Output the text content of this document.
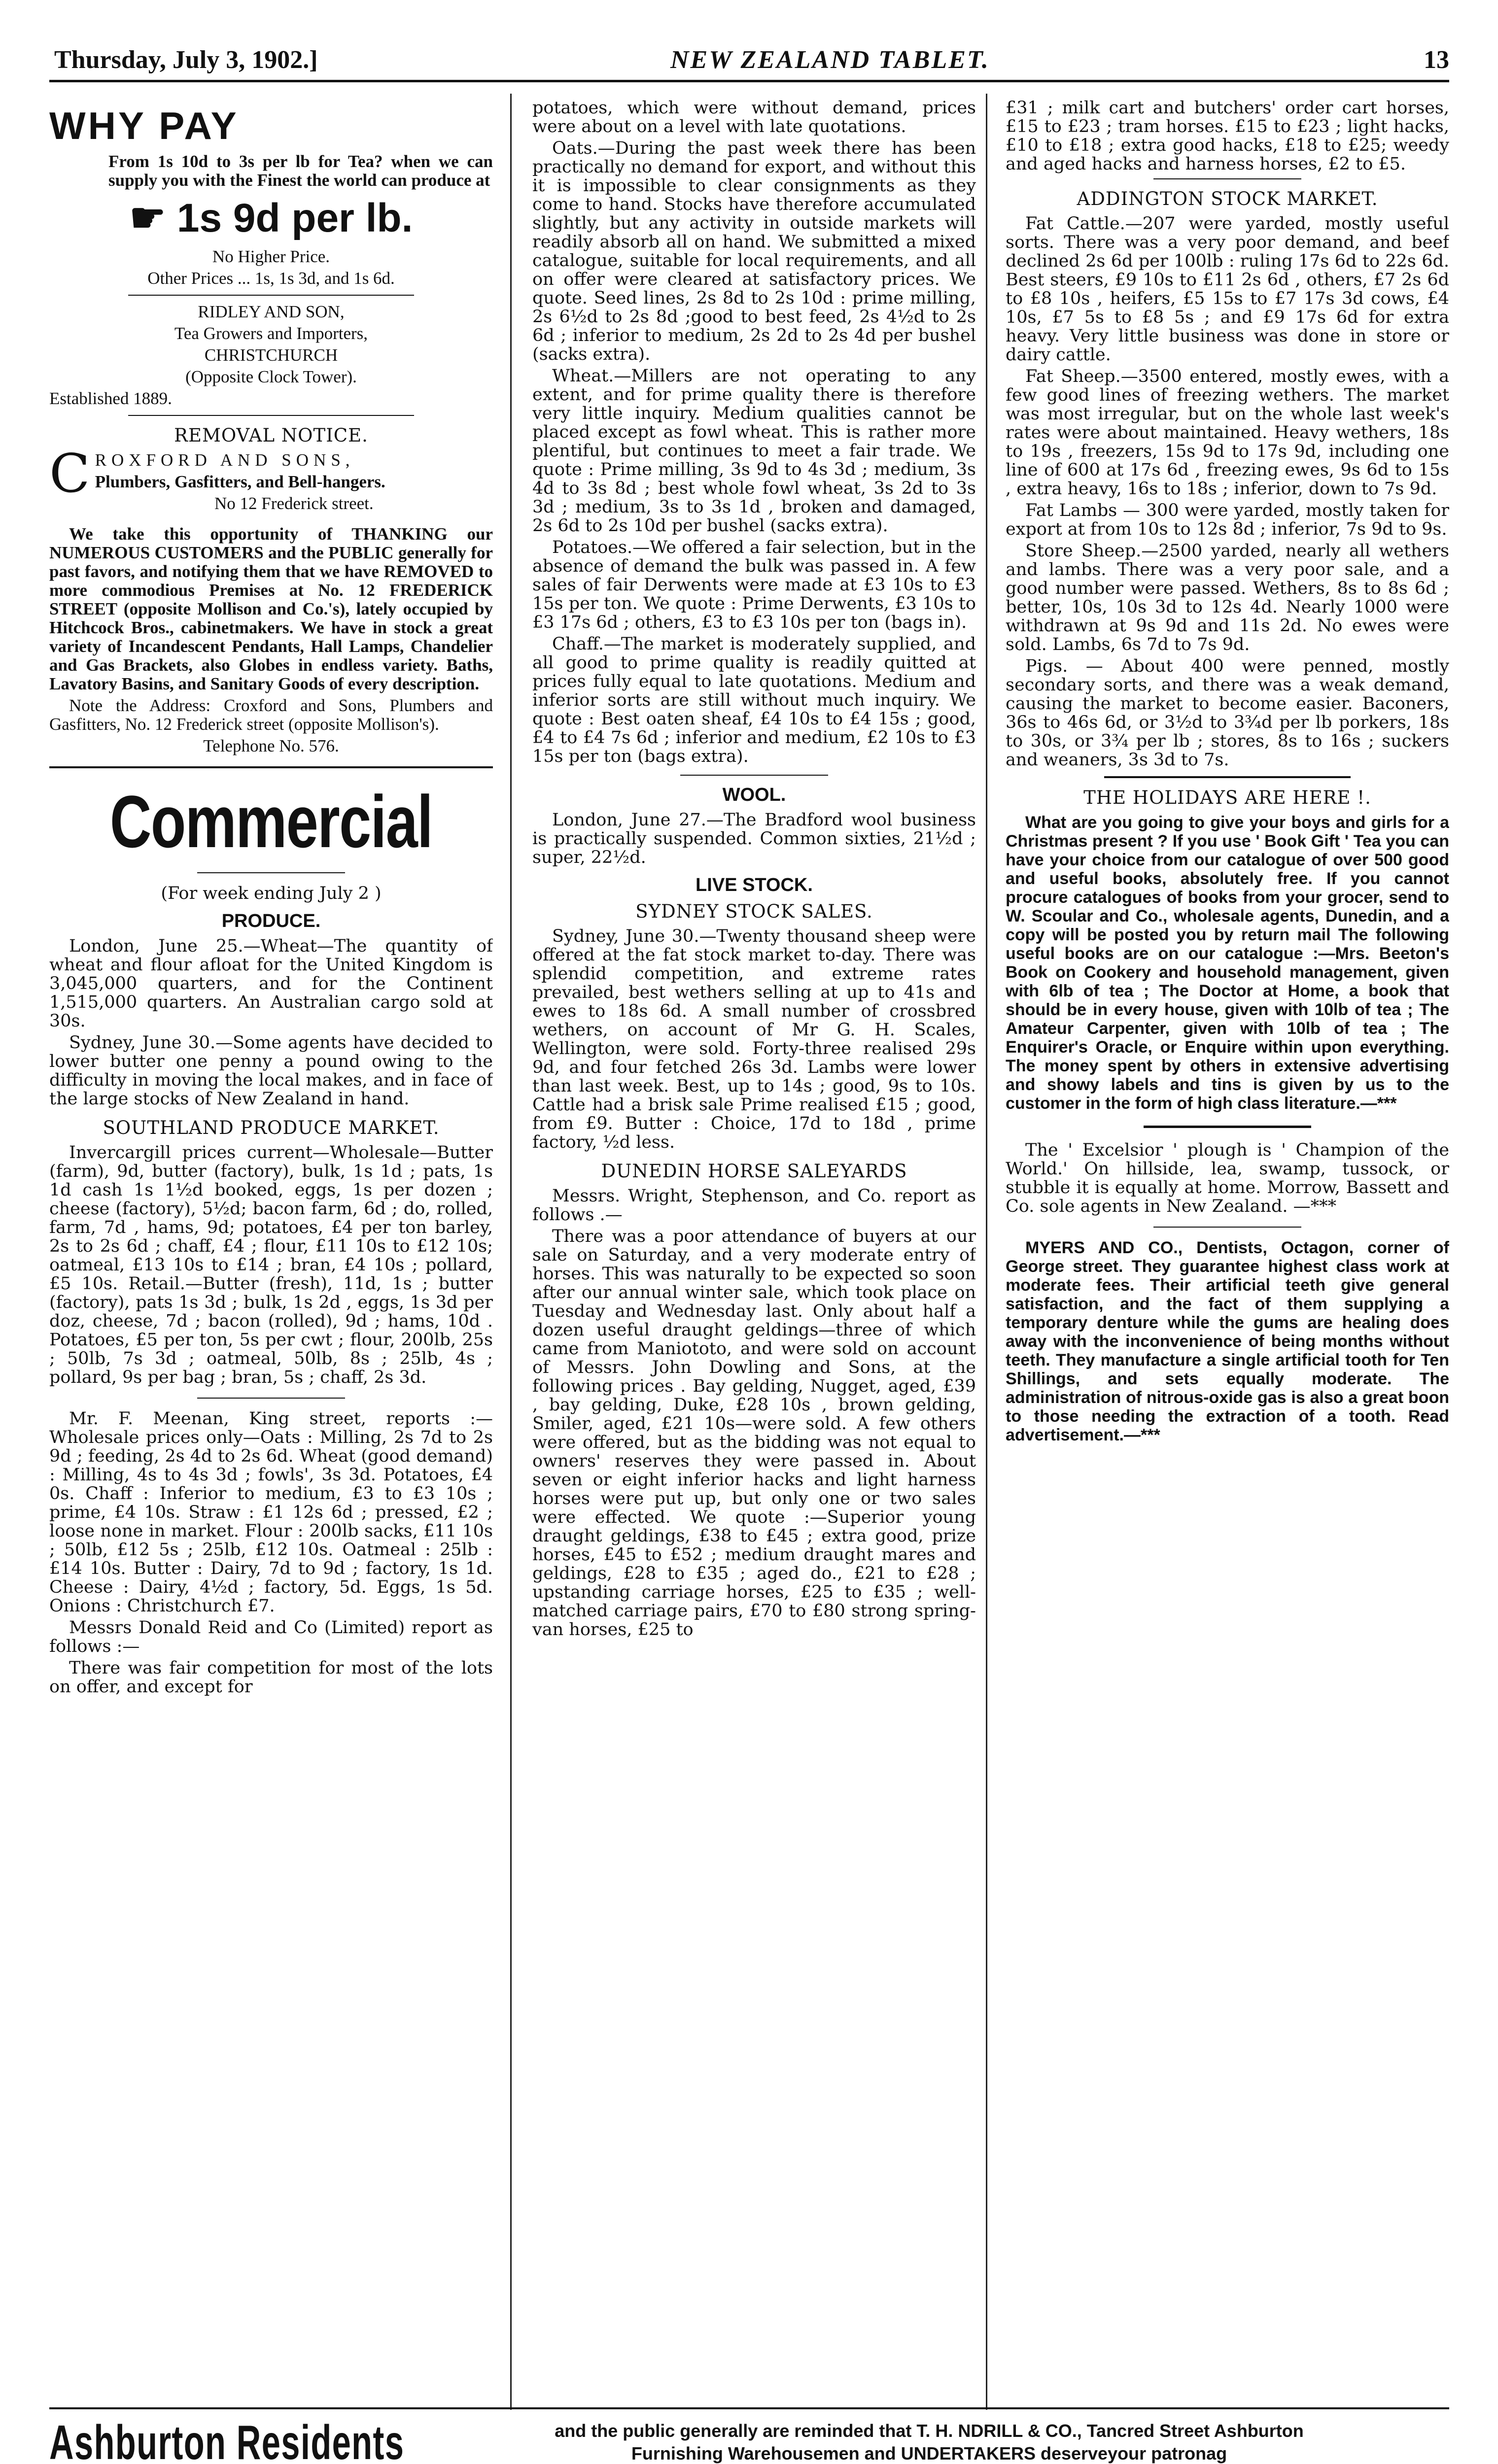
Thursday, July 3, 1902.]	NEW ZEALAND TABLET.	13
WHY PAY

From 1s 10d to 3s per lb for Tea? when we can supply you with the Finest the world can produce at

☛ 1s 9d per lb.

No Higher Price.

Other Prices ... 1s, 1s 3d, and 1s 6d.

RIDLEY AND SON,

Tea Growers and Importers,

CHRISTCHURCH

(Opposite Clock Tower).

Established 1889.

REMOVAL NOTICE.
C ROXFORD AND SONS,

Plumbers, Gasfitters, and Bell-hangers.

No 12 Frederick street.

We take this opportunity of THANKING our NUMEROUS CUSTOMERS and the PUBLIC generally for past favors, and notifying them that we have REMOVED to more commodious Premises at No. 12 FREDERICK STREET (opposite Mollison and Co.'s), lately occupied by Hitchcock Bros., cabinetmakers. We have in stock a great variety of Incandescent Pendants, Hall Lamps, Chandelier and Gas Brackets, also Globes in endless variety. Baths, Lavatory Basins, and Sanitary Goods of every description.

Note the Address: Croxford and Sons, Plumbers and Gasfitters, No. 12 Frederick street (opposite Mollison's).

Telephone No. 576.

Commercial

(For week ending July 2 )

PRODUCE.

London, June 25.—Wheat—The quantity of wheat and flour afloat for the United Kingdom is 3,045,000 quarters, and for the Continent 1,515,000 quarters. An Australian cargo sold at 30s.

Sydney, June 30.—Some agents have decided to lower butter one penny a pound owing to the difficulty in moving the local makes, and in face of the large stocks of New Zealand in hand.

SOUTHLAND PRODUCE MARKET.

Invercargill prices current—Wholesale—Butter (farm), 9d, butter (factory), bulk, 1s 1d ; pats, 1s 1d cash 1s 1½d booked, eggs, 1s per dozen ; cheese (factory), 5½d; bacon farm, 6d ; do, rolled, farm, 7d , hams, 9d; potatoes, £4 per ton barley, 2s to 2s 6d ; chaff, £4 ; flour, £11 10s to £12 10s; oatmeal, £13 10s to £14 ; bran, £4 10s ; pollard, £5 10s. Retail.—Butter (fresh), 11d, 1s ; butter (factory), pats 1s 3d ; bulk, 1s 2d , eggs, 1s 3d per doz, cheese, 7d ; bacon (rolled), 9d ; hams, 10d . Potatoes, £5 per ton, 5s per cwt ; flour, 200lb, 25s ; 50lb, 7s 3d ; oatmeal, 50lb, 8s ; 25lb, 4s ; pollard, 9s per bag ; bran, 5s ; chaff, 2s 3d.

Mr. F. Meenan, King street, reports :—Wholesale prices only—Oats : Milling, 2s 7d to 2s 9d ; feeding, 2s 4d to 2s 6d. Wheat (good demand) : Milling, 4s to 4s 3d ; fowls', 3s 3d. Potatoes, £4 0s. Chaff : Inferior to medium, £3 to £3 10s ; prime, £4 10s. Straw : £1 12s 6d ; pressed, £2 ; loose none in market. Flour : 200lb sacks, £11 10s ; 50lb, £12 5s ; 25lb, £12 10s. Oatmeal : 25lb : £14 10s. Butter : Dairy, 7d to 9d ; factory, 1s 1d. Cheese : Dairy, 4½d ; factory, 5d. Eggs, 1s 5d. Onions : Christchurch £7.

Messrs Donald Reid and Co (Limited) report as follows :—

There was fair competition for most of the lots on offer, and except for

potatoes, which were without demand, prices were about on a level with late quotations.

Oats.—During the past week there has been practically no demand for export, and without this it is impossible to clear consignments as they come to hand. Stocks have therefore accumulated slightly, but any activity in outside markets will readily absorb all on hand. We submitted a mixed catalogue, suitable for local requirements, and all on offer were cleared at satisfactory prices. We quote. Seed lines, 2s 8d to 2s 10d : prime milling, 2s 6½d to 2s 8d ;good to best feed, 2s 4½d to 2s 6d ; inferior to medium, 2s 2d to 2s 4d per bushel (sacks extra).

Wheat.—Millers are not operating to any extent, and for prime quality there is therefore very little inquiry. Medium qualities cannot be placed except as fowl wheat. This is rather more plentiful, but continues to meet a fair trade. We quote : Prime milling, 3s 9d to 4s 3d ; medium, 3s 4d to 3s 8d ; best whole fowl wheat, 3s 2d to 3s 3d ; medium, 3s to 3s 1d , broken and damaged, 2s 6d to 2s 10d per bushel (sacks extra).

Potatoes.—We offered a fair selection, but in the absence of demand the bulk was passed in. A few sales of fair Derwents were made at £3 10s to £3 15s per ton. We quote : Prime Derwents, £3 10s to £3 17s 6d ; others, £3 to £3 10s per ton (bags in).

Chaff.—The market is moderately supplied, and all good to prime quality is readily quitted at prices fully equal to late quotations. Medium and inferior sorts are still without much inquiry. We quote : Best oaten sheaf, £4 10s to £4 15s ; good, £4 to £4 7s 6d ; inferior and medium, £2 10s to £3 15s per ton (bags extra).

WOOL.

London, June 27.—The Bradford wool business is practically suspended. Common sixties, 21½d ; super, 22½d.

LIVE STOCK.
SYDNEY STOCK SALES.

Sydney, June 30.—Twenty thousand sheep were offered at the fat stock market to-day. There was splendid competition, and extreme rates prevailed, best wethers selling at up to 41s and ewes to 18s 6d. A small number of crossbred wethers, on account of Mr G. H. Scales, Wellington, were sold. Forty-three realised 29s 9d, and four fetched 26s 3d. Lambs were lower than last week. Best, up to 14s ; good, 9s to 10s. Cattle had a brisk sale Prime realised £15 ; good, from £9. Butter : Choice, 17d to 18d , prime factory, ½d less.

DUNEDIN HORSE SALEYARDS

Messrs. Wright, Stephenson, and Co. report as follows .—

There was a poor attendance of buyers at our sale on Saturday, and a very moderate entry of horses. This was naturally to be expected so soon after our annual winter sale, which took place on Tuesday and Wednesday last. Only about half a dozen useful draught geldings—three of which came from Maniototo, and were sold on account of Messrs. John Dowling and Sons, at the following prices . Bay gelding, Nugget, aged, £39 , bay gelding, Duke, £28 10s , brown gelding, Smiler, aged, £21 10s—were sold. A few others were offered, but as the bidding was not equal to owners' reserves they were passed in. About seven or eight inferior hacks and light harness horses were put up, but only one or two sales were effected. We quote :—Superior young draught geldings, £38 to £45 ; extra good, prize horses, £45 to £52 ; medium draught mares and geldings, £28 to £35 ; aged do., £21 to £28 ; upstanding carriage horses, £25 to £35 ; well-matched carriage pairs, £70 to £80 strong spring-van horses, £25 to

£31 ; milk cart and butchers' order cart horses, £15 to £23 ; tram horses. £15 to £23 ; light hacks, £10 to £18 ; extra good hacks, £18 to £25; weedy and aged hacks and harness horses, £2 to £5.

ADDINGTON STOCK MARKET.

Fat Cattle.—207 were yarded, mostly useful sorts. There was a very poor demand, and beef declined 2s 6d per 100lb : ruling 17s 6d to 22s 6d. Best steers, £9 10s to £11 2s 6d , others, £7 2s 6d to £8 10s , heifers, £5 15s to £7 17s 3d cows, £4 10s, £7 5s to £8 5s ; and £9 17s 6d for extra heavy. Very little business was done in store or dairy cattle.

Fat Sheep.—3500 entered, mostly ewes, with a few good lines of freezing wethers. The market was most irregular, but on the whole last week's rates were about maintained. Heavy wethers, 18s to 19s , freezers, 15s 9d to 17s 9d, including one line of 600 at 17s 6d , freezing ewes, 9s 6d to 15s , extra heavy, 16s to 18s ; inferior, down to 7s 9d.

Fat Lambs — 300 were yarded, mostly taken for export at from 10s to 12s 8d ; inferior, 7s 9d to 9s.

Store Sheep.—2500 yarded, nearly all wethers and lambs. There was a very poor sale, and a good number were passed. Wethers, 8s to 8s 6d ; better, 10s, 10s 3d to 12s 4d. Nearly 1000 were withdrawn at 9s 9d and 11s 2d. No ewes were sold. Lambs, 6s 7d to 7s 9d.

Pigs. — About 400 were penned, mostly secondary sorts, and there was a weak demand, causing the market to become easier. Baconers, 36s to 46s 6d, or 3½d to 3¾d per lb porkers, 18s to 30s, or 3¾ per lb ; stores, 8s to 16s ; suckers and weaners, 3s 3d to 7s.

THE HOLIDAYS ARE HERE !.

What are you going to give your boys and girls for a Christmas present ? If you use ' Book Gift ' Tea you can have your choice from our catalogue of over 500 good and useful books, absolutely free. If you cannot procure catalogues of books from your grocer, send to W. Scoular and Co., wholesale agents, Dunedin, and a copy will be posted you by return mail The following useful books are on our catalogue :—Mrs. Beeton's Book on Cookery and household management, given with 6lb of tea ; The Doctor at Home, a book that should be in every house, given with 10lb of tea ; The Amateur Carpenter, given with 10lb of tea ; The Enquirer's Oracle, or Enquire within upon everything. The money spent by others in extensive advertising and showy labels and tins is given by us to the customer in the form of high class literature.—***

The ' Excelsior ' plough is ' Champion of the World.' On hillside, lea, swamp, tussock, or stubble it is equally at home. Morrow, Bassett and Co. sole agents in New Zealand. —***

MYERS AND CO., Dentists, Octagon, corner of George street. They guarantee highest class work at moderate fees. Their artificial teeth give general satisfaction, and the fact of them supplying a temporary denture while the gums are healing does away with the inconvenience of being months without teeth. They manufacture a single artificial tooth for Ten Shillings, and sets equally moderate. The administration of nitrous-oxide gas is also a great boon to those needing the extraction of a tooth. Read advertisement.—***

Ashburton Residents	and the public generally are reminded that T. H. NDRILL & CO., Tancred Street Ashburton
Furnishing Warehousemen and UNDERTAKERS deserveyour patronag
